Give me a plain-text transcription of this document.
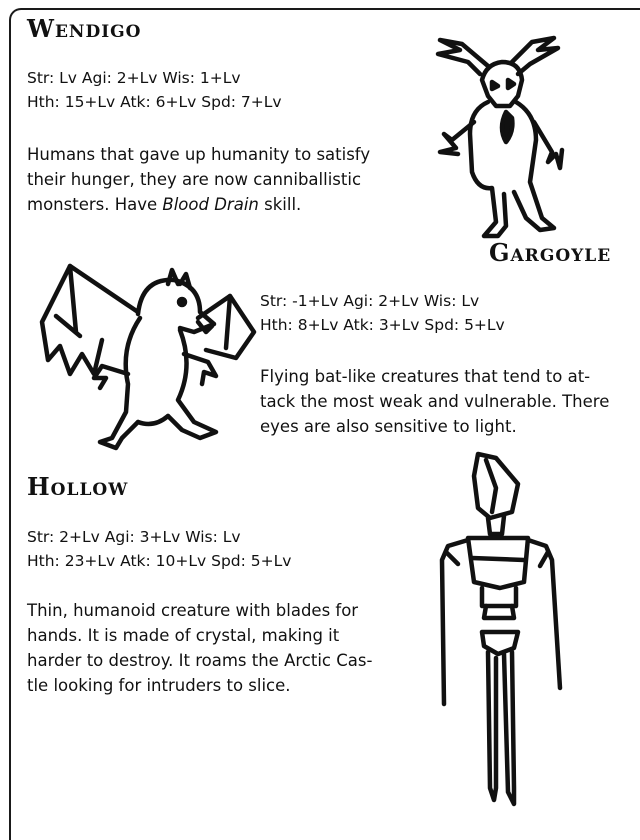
Wendigo
Str: Lv Agi: 2+Lv Wis: 1+Lv
Hth: 15+Lv Atk: 6+Lv Spd: 7+Lv

Humans that gave up humanity to satisfy their hunger, they are now canniballistic monsters. Have Blood Drain skill.

Gargoyle
Str: -1+Lv Agi: 2+Lv Wis: Lv
Hth: 8+Lv Atk: 3+Lv Spd: 5+Lv
Flying bat-like creatures that tend to at-
tack the most weak and vulnerable. There
eyes are also sensitive to light.
Hollow
Str: 2+Lv Agi: 3+Lv Wis: Lv
Hth: 23+Lv Atk: 10+Lv Spd: 5+Lv
Thin, humanoid creature with blades for
hands. It is made of crystal, making it
harder to destroy. It roams the Arctic Cas-
tle looking for intruders to slice.
